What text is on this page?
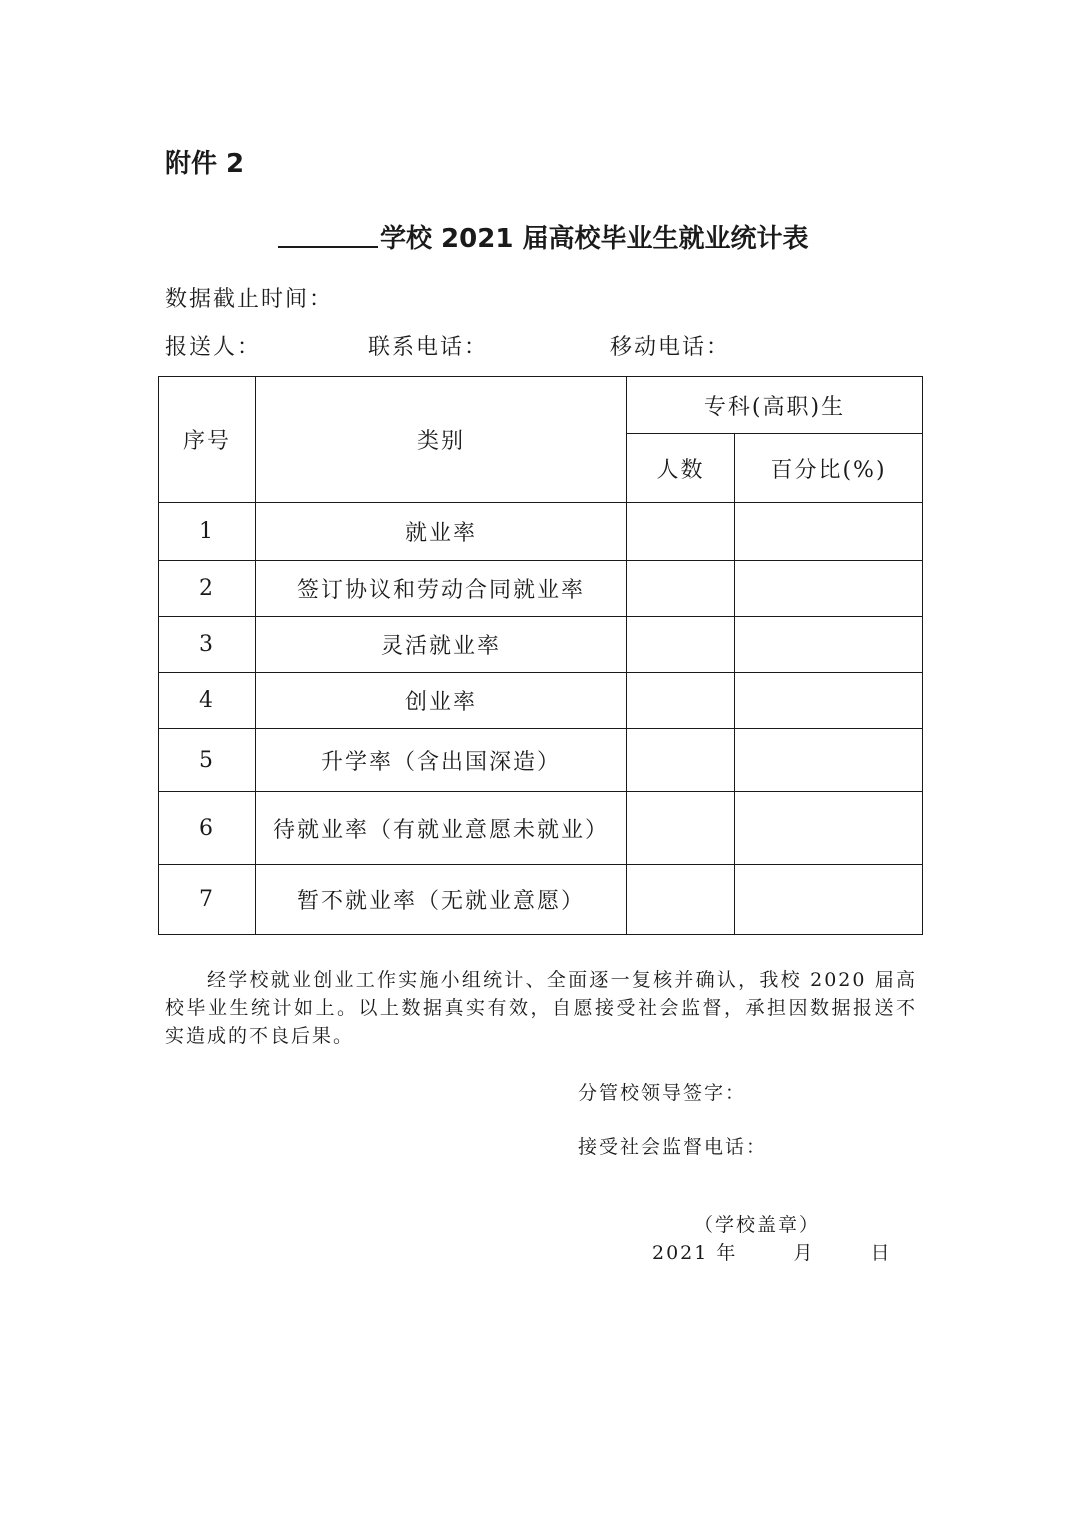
附件 2
学校 2021 届高校毕业生就业统计表
数据截止时间：
报送人：	联系电话：	移动电话：
序号	类别	专科(高职)生	
		人数	百分比(%)
1	就业率		
2	签订协议和劳动合同就业率		
3	灵活就业率		
4	创业率		
5	升学率（含出国深造）		
6	待就业率（有就业意愿未就业）		
7	暂不就业率（无就业意愿）		
经学校就业创业工作实施小组统计、全面逐一复核并确认，我校 2020 届高校毕业生统计如上。以上数据真实有效，自愿接受社会监督，承担因数据报送不实造成的不良后果。
分管校领导签字：
接受社会监督电话：
（学校盖章）
2021 年	月	日
